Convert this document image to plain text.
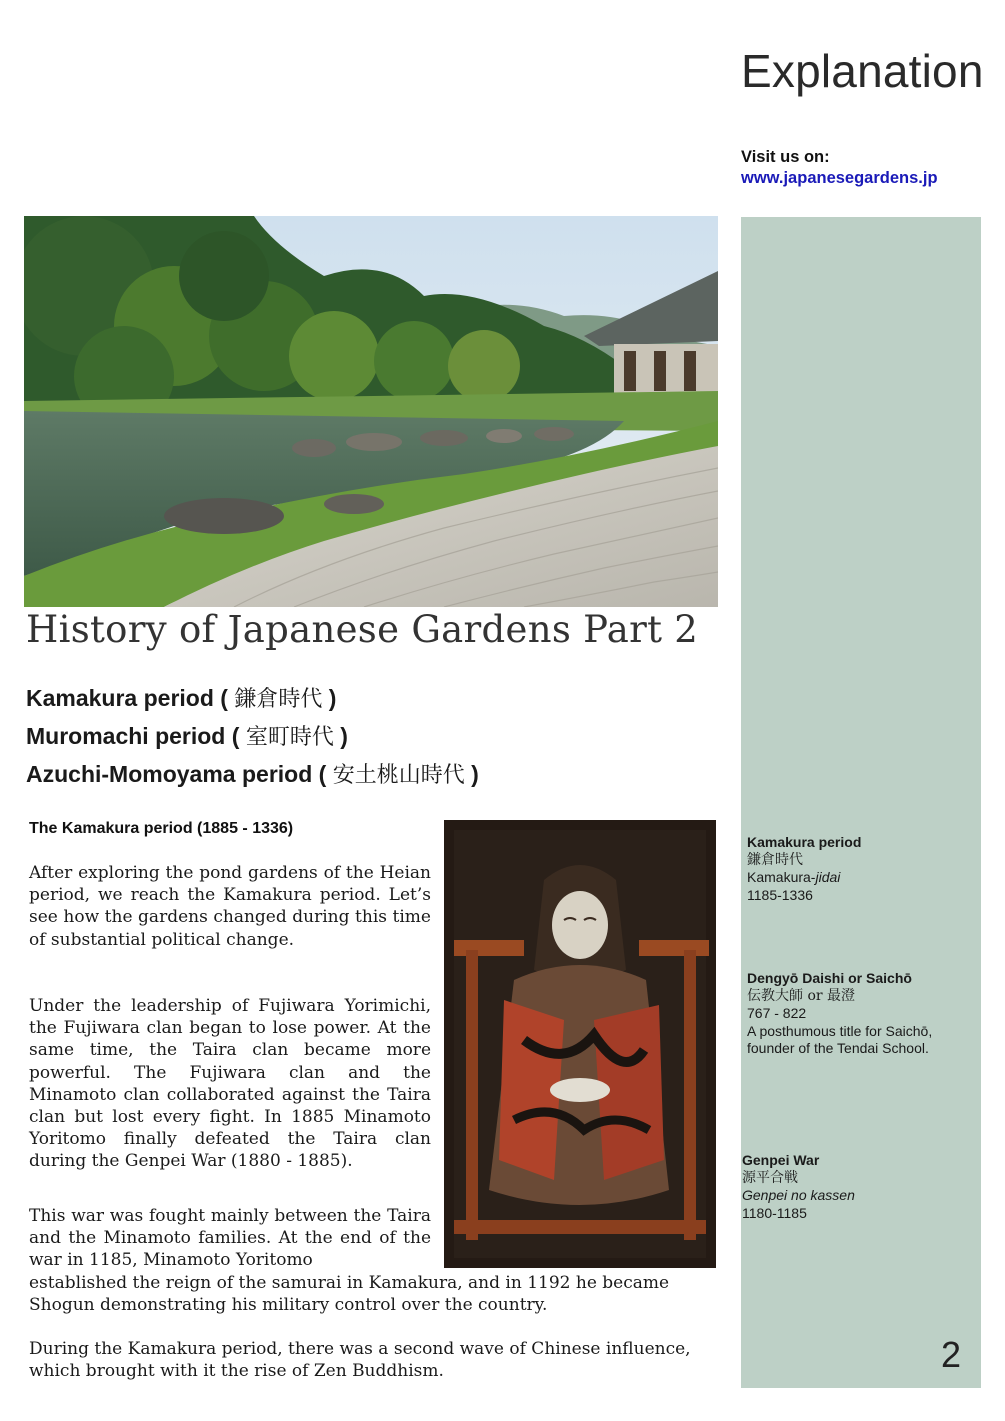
Explanation
Visit us on:
www.japanesegardens.jp
Kamakura period
鎌倉時代
Kamakura-jidai
1185-1336
Dengyō Daishi or Saichō
伝教大師 or 最澄
767 - 822
A posthumous title for Saichō, founder of the Tendai School.
Genpei War
源平合戦
Genpei no kassen
1180-1185
2
History of Japanese Gardens Part 2
Kamakura period ( 鎌倉時代 )
Muromachi period ( 室町時代 )
Azuchi-Momoyama period ( 安土桃山時代 )
The Kamakura period (1885 - 1336)

After exploring the pond gardens of the Heian period, we reach the Kamakura period. Let’s see how the gardens changed during this time of substantial political change.

Under the leadership of Fujiwara Yorimichi, the Fujiwara clan began to lose power. At the same time, the Taira clan became more powerful. The Fujiwara clan and the Minamoto clan collaborated against the Taira clan but lost every fight. In 1885 Minamoto Yoritomo finally defeated the Taira clan during the Genpei War (1880 - 1885).

This war was fought mainly between the Taira and the Minamoto families. At the end of the war in 1185, Minamoto Yoritomo

established the reign of the samurai in Kamakura, and in 1192 he became Shogun demonstrating his military control over the country.

During the Kamakura period, there was a second wave of Chinese influence, which brought with it the rise of Zen Buddhism.
